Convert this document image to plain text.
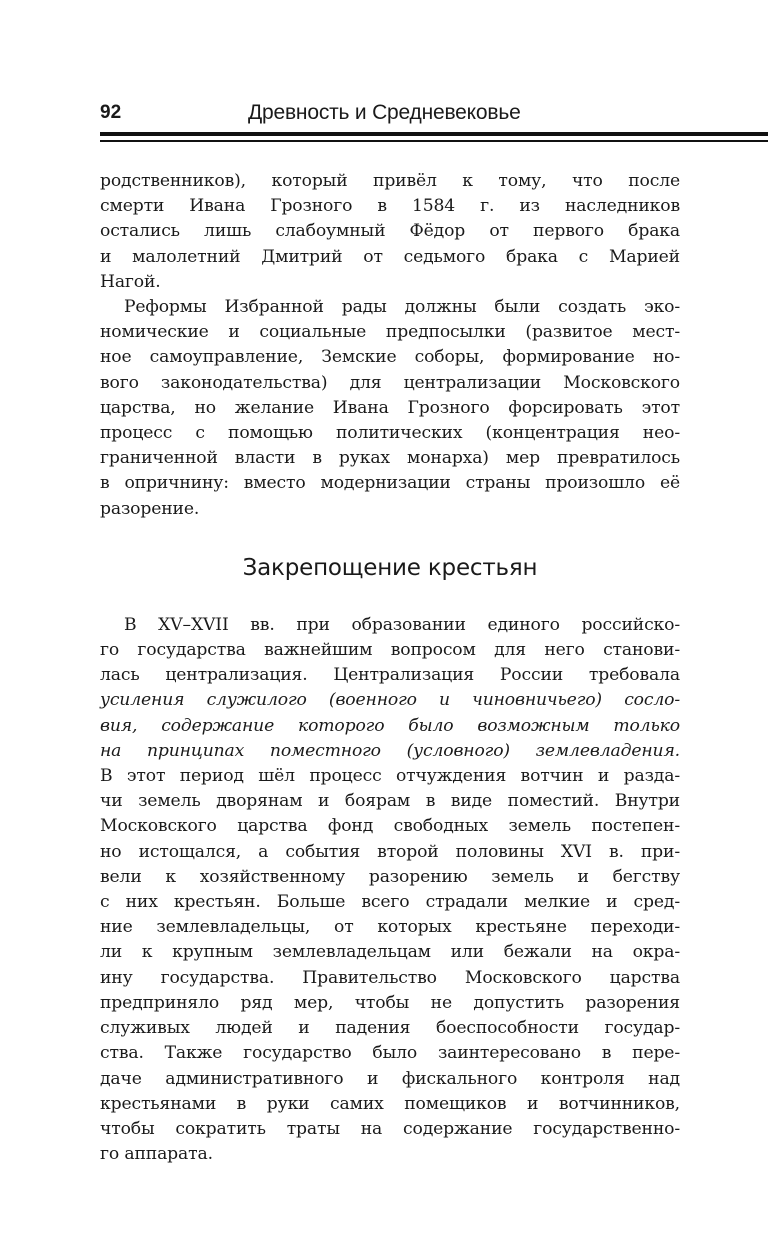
92	Древность и Средневековье

родственников), который привёл к тому, что после
смерти Ивана Грозного в 1584 г. из наследников
остались лишь слабоумный Фёдор от первого брака
и малолетний Дмитрий от седьмого брака с Марией
Нагой.

Реформы Избранной рады должны были создать эко-
номические и социальные предпосылки (развитое мест-
ное самоуправление, Земские соборы, формирование но-
вого законодательства) для централизации Московского
царства, но желание Ивана Грозного форсировать этот
процесс с помощью политических (концентрация нео-
граниченной власти в руках монарха) мер превратилось
в опричнину: вместо модернизации страны произошло её
разорение.

Закрепощение крестьян

В XV–XVII вв. при образовании единого российско-
го государства важнейшим вопросом для него станови-
лась централизация. Централизация России требовала
усиления служилого (военного и чиновничьего) сосло-
вия, содержание которого было возможным только
на принципах поместного (условного) землевладения.
В этот период шёл процесс отчуждения вотчин и разда-
чи земель дворянам и боярам в виде поместий. Внутри
Московского царства фонд свободных земель постепен-
но истощался, а события второй половины XVI в. при-
вели к хозяйственному разорению земель и бегству
с них крестьян. Больше всего страдали мелкие и сред-
ние землевладельцы, от которых крестьяне переходи-
ли к крупным землевладельцам или бежали на окра-
ину государства. Правительство Московского царства
предприняло ряд мер, чтобы не допустить разорения
служивых людей и падения боеспособности государ-
ства. Также государство было заинтересовано в пере-
даче административного и фискального контроля над
крестьянами в руки самих помещиков и вотчинников,
чтобы сократить траты на содержание государственно-
го аппарата.
